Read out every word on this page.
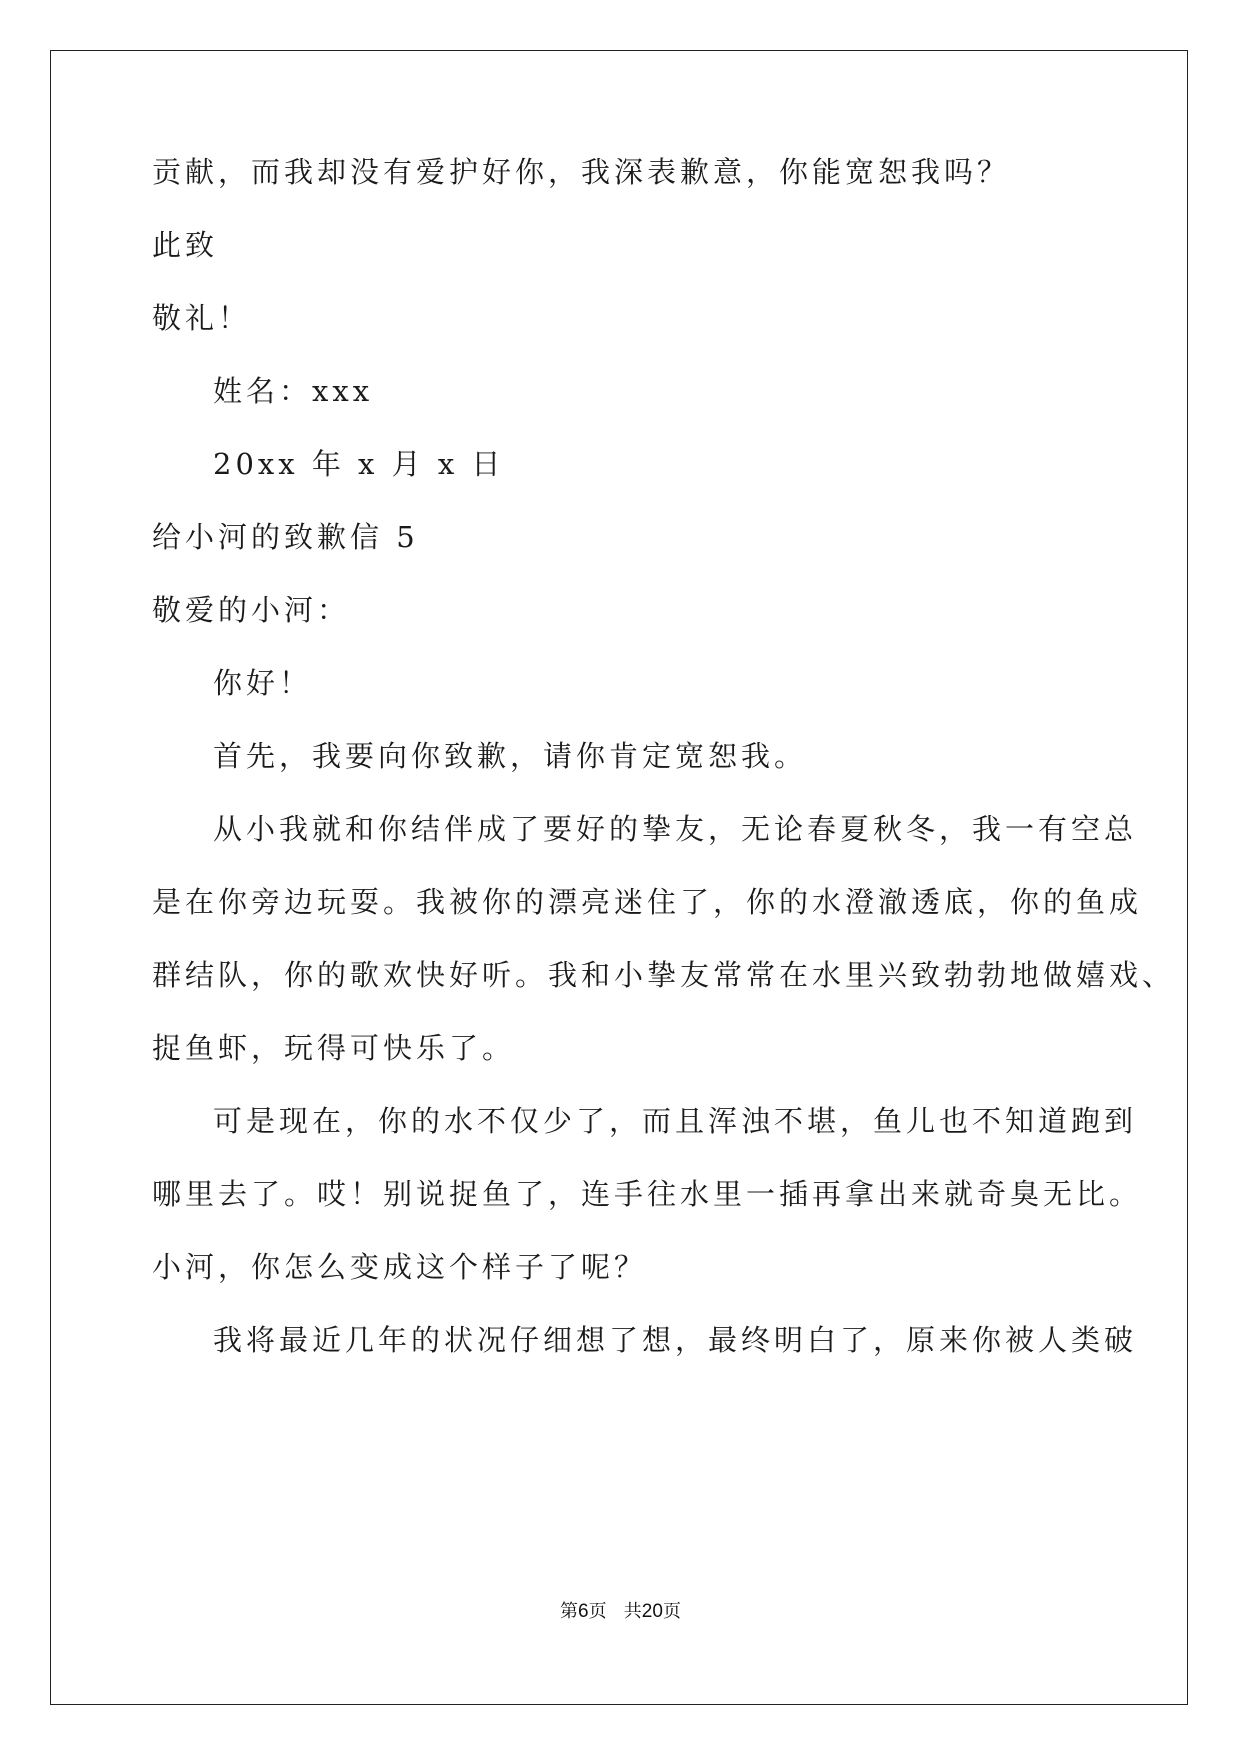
贡献，而我却没有爱护好你，我深表歉意，你能宽恕我吗？
此致
敬礼！
姓名：xxx
20xx 年 x 月 x 日
给小河的致歉信 5
敬爱的小河：
你好！
首先，我要向你致歉，请你肯定宽恕我。
从小我就和你结伴成了要好的挚友，无论春夏秋冬，我一有空总
是在你旁边玩耍。我被你的漂亮迷住了，你的水澄澈透底，你的鱼成
群结队，你的歌欢快好听。我和小挚友常常在水里兴致勃勃地做嬉戏、
捉鱼虾，玩得可快乐了。
可是现在，你的水不仅少了，而且浑浊不堪，鱼儿也不知道跑到
哪里去了。哎！别说捉鱼了，连手往水里一插再拿出来就奇臭无比。
小河，你怎么变成这个样子了呢？
我将最近几年的状况仔细想了想，最终明白了，原来你被人类破
第6页 共20页
